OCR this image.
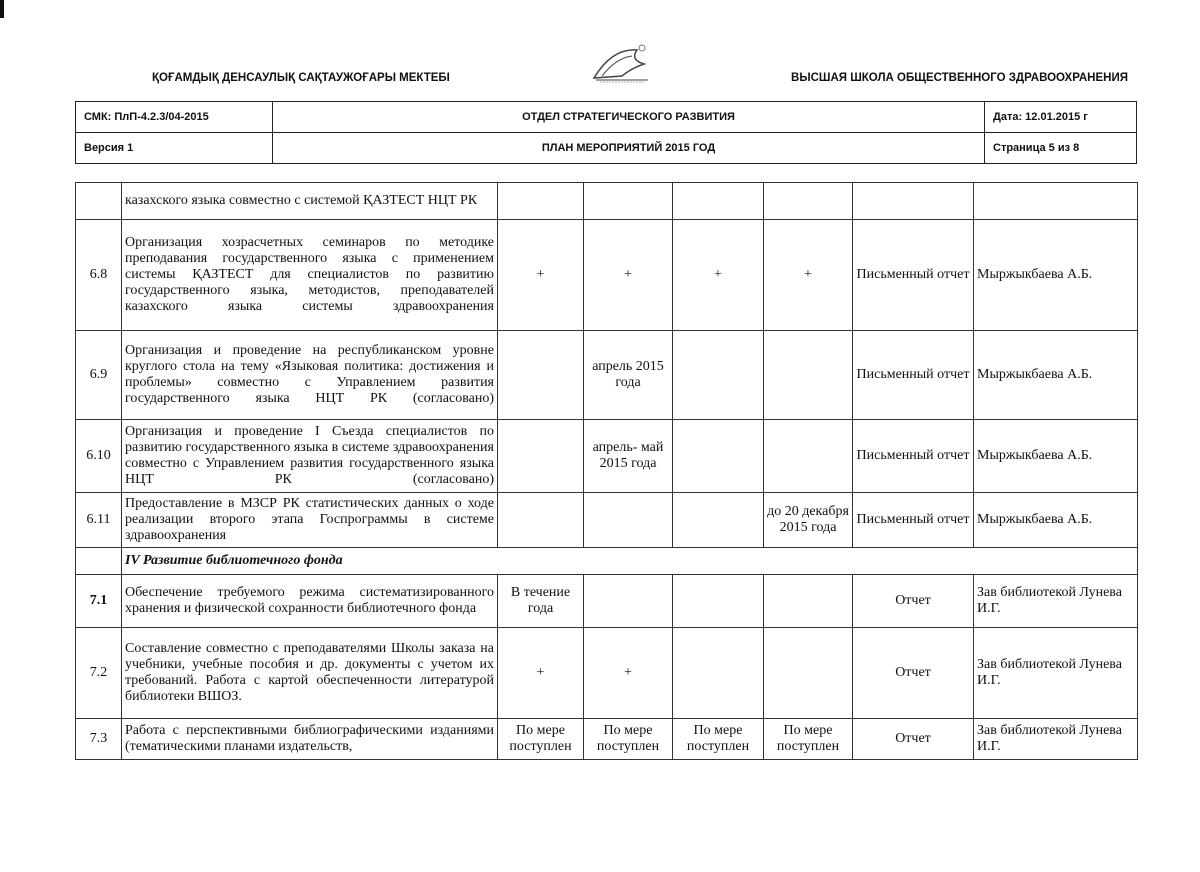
ҚОҒАМДЫҚ ДЕНСАУЛЫҚ САҚТАУЖОҒАРЫ МЕКТЕБІ	ВЫСШАЯ ШКОЛА ОБЩЕСТВЕННОГО ЗДРАВООХРАНЕНИЯ
СМК: ПлП-4.2.3/04-2015	ОТДЕЛ СТРАТЕГИЧЕСКОГО РАЗВИТИЯ	Дата: 12.01.2015 г
Версия 1	ПЛАН МЕРОПРИЯТИЙ 2015 ГОД	Страница 5 из 8
	казахского языка совместно с системой ҚАЗТЕСТ НЦТ РК						
6.8	Организация хозрасчетных семинаров по методике преподавания государственного языка с применением системы ҚАЗТЕСТ для специалистов по развитию государственного языка, методистов, преподавателей казахского языка системы здравоохранения	+	+	+	+	Письменный отчет	Мыржыкбаева А.Б.
6.9	Организация и проведение на республиканском уровне круглого стола на тему «Языковая политика: достижения и проблемы» совместно с Управлением развития государственного языка НЦТ РК (согласовано)		апрель 2015 года			Письменный отчет	Мыржыкбаева А.Б.
6.10	Организация и проведение I Съезда специалистов по развитию государственного языка в системе здравоохранения совместно с Управлением развития государственного языка НЦТ РК (согласовано)		апрель- май 2015 года			Письменный отчет	Мыржыкбаева А.Б.
6.11	Предоставление в МЗСР РК статистических данных о ходе реализации второго этапа Госпрограммы в системе здравоохранения				до 20 декабря 2015 года	Письменный отчет	Мыржыкбаева А.Б.
	IV Развитие библиотечного фонда						
7.1	Обеспечение требуемого режима систематизированного хранения и физической сохранности библиотечного фонда	В течение года				Отчет	Зав библиотекой Лунева И.Г.
7.2	Составление совместно с преподавателями Школы заказа на учебники, учебные пособия и др. документы с учетом их требований. Работа с картой обеспеченности литературой библиотеки ВШОЗ.	+	+			Отчет	Зав библиотекой Лунева И.Г.
7.3	Работа с перспективными библиографическими изданиями (тематическими планами издательств,	По мере поступлен	По мере поступлен	По мере поступлен	По мере поступлен	Отчет	Зав библиотекой Лунева И.Г.
